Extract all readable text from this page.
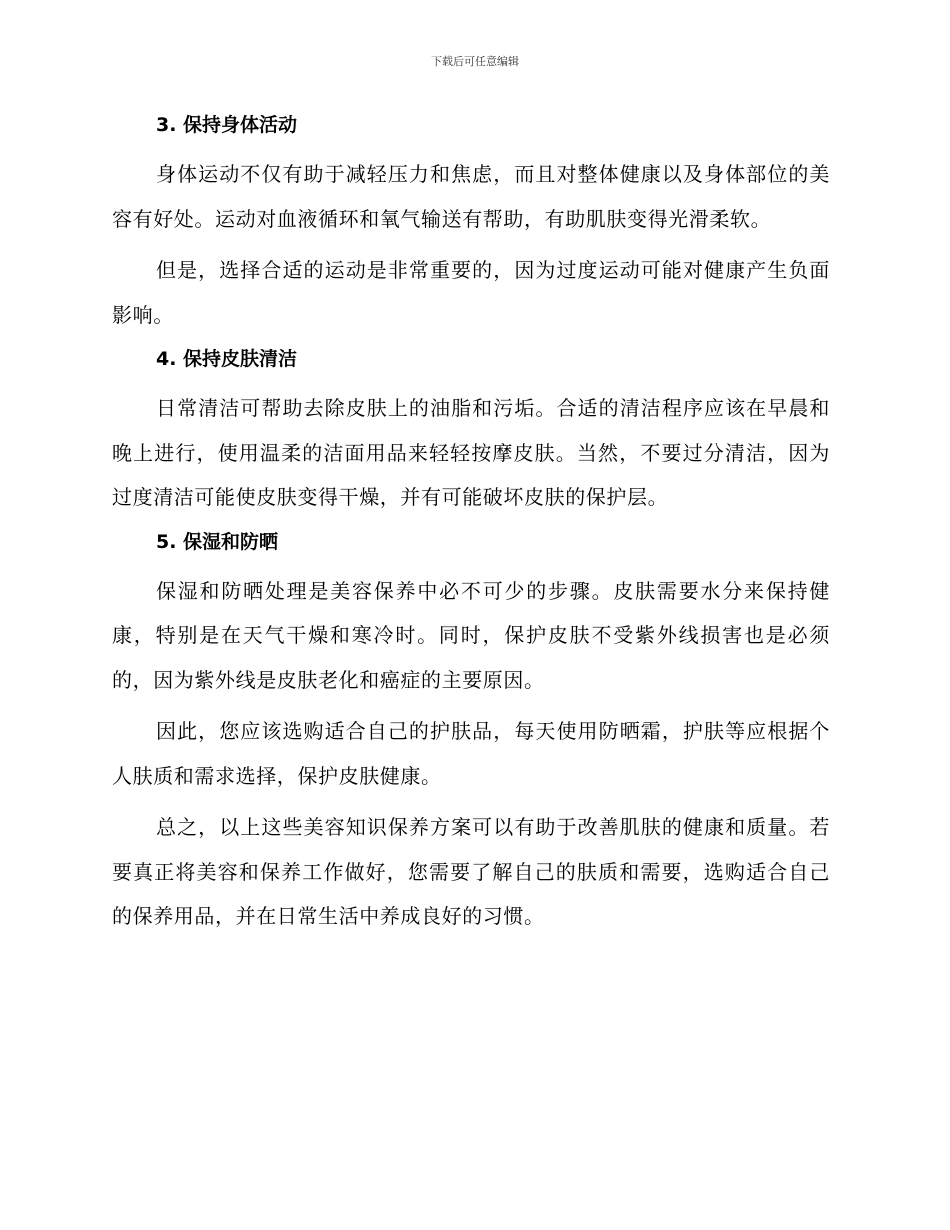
下载后可任意编辑
3. 保持身体活动

身体运动不仅有助于减轻压力和焦虑，而且对整体健康以及身体部位的美容有好处。运动对血液循环和氧气输送有帮助，有助肌肤变得光滑柔软。

但是，选择合适的运动是非常重要的，因为过度运动可能对健康产生负面影响。

4. 保持皮肤清洁

日常清洁可帮助去除皮肤上的油脂和污垢。合适的清洁程序应该在早晨和晚上进行，使用温柔的洁面用品来轻轻按摩皮肤。当然，不要过分清洁，因为过度清洁可能使皮肤变得干燥，并有可能破坏皮肤的保护层。

5. 保湿和防晒

保湿和防晒处理是美容保养中必不可少的步骤。皮肤需要水分来保持健康，特别是在天气干燥和寒冷时。同时，保护皮肤不受紫外线损害也是必须的，因为紫外线是皮肤老化和癌症的主要原因。

因此，您应该选购适合自己的护肤品，每天使用防晒霜，护肤等应根据个人肤质和需求选择，保护皮肤健康。

总之，以上这些美容知识保养方案可以有助于改善肌肤的健康和质量。若要真正将美容和保养工作做好，您需要了解自己的肤质和需要，选购适合自己的保养用品，并在日常生活中养成良好的习惯。
